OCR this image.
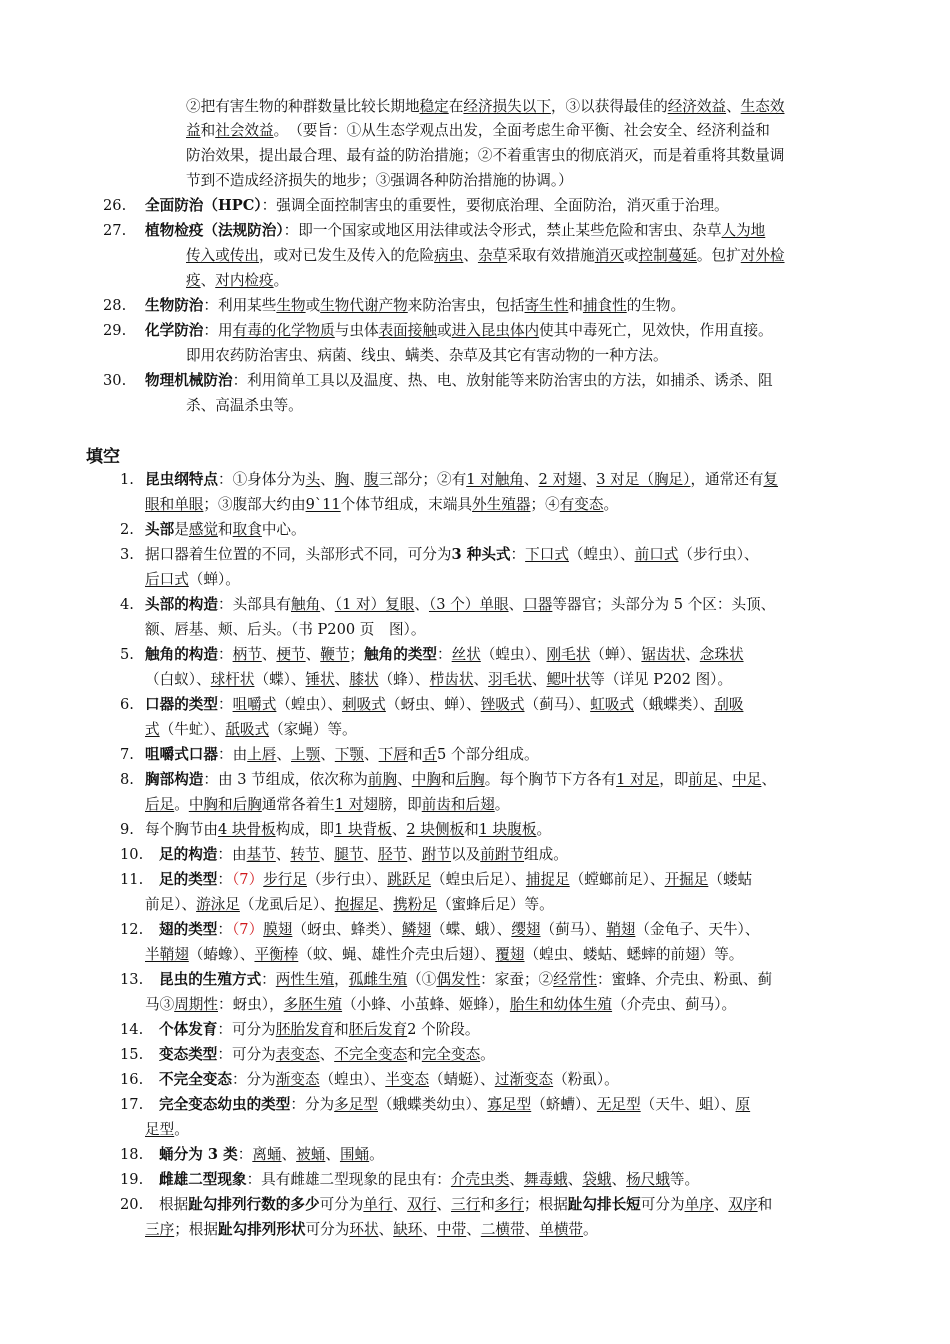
填空
②把有害生物的种群数量比较长期地稳定在经济损失以下，③以获得最佳的经济效益、生态效
益和社会效益。　（要旨：①从生态学观点出发，全面考虑生命平衡、社会安全、经济利益和
防治效果，提出最合理、最有益的防治措施；②不着重害虫的彻底消灭，而是着重将其数量调
节到不造成经济损失的地步；③强调各种防治措施的协调。）
26. 全面防治（HPC）：强调全面控制害虫的重要性，要彻底治理、全面防治，消灭重于治理。
27. 植物检疫（法规防治）：即一个国家或地区用法律或法令形式，禁止某些危险和害虫、杂草人为地
传入或传出，或对已发生及传入的危险病虫、杂草采取有效措施消灭或控制蔓延。包扩对外检
疫、对内检疫。
28. 生物防治：利用某些生物或生物代谢产物来防治害虫，包括寄生性和捕食性的生物。
29. 化学防治：用有毒的化学物质与虫体表面接触或进入昆虫体内使其中毒死亡，见效快，作用直接。
即用农药防治害虫、病菌、线虫、螨类、杂草及其它有害动物的一种方法。
30. 物理机械防治：利用简单工具以及温度、热、电、放射能等来防治害虫的方法，如捕杀、诱杀、阻
杀、高温杀虫等。
1. 昆虫纲特点：①身体分为头、胸、腹三部分；②有1 对触角、2 对翅、3 对足（胸足），通常还有复
眼和单眼；③腹部大约由9`11个体节组成，末端具外生殖器；④有变态。
2. 头部是感觉和取食中心。
3. 据口器着生位置的不同，头部形式不同，可分为3 种头式：下口式（蝗虫）、前口式（步行虫）、
后口式（蝉）。
4. 头部的构造：头部具有触角、（1 对）复眼、（3 个）单眼、口器等器官；头部分为 5 个区：头顶、
额、唇基、颊、后头。（书 P200 页　图）。
5. 触角的构造：柄节、梗节、鞭节；触角的类型：丝状（蝗虫）、刚毛状（蝉）、锯齿状、念珠状
（白蚁）、球杆状（蝶）、锤状、膝状（蜂）、栉齿状、羽毛状、鳃叶状等（详见 P202 图）。
6. 口器的类型：咀嚼式（蝗虫）、刺吸式（蚜虫、蝉）、锉吸式（蓟马）、虹吸式（蛾蝶类）、刮吸
式（牛虻）、舐吸式（家蝇）等。
7. 咀嚼式口器：由上唇、上颚、下颚、下唇和舌5 个部分组成。
8. 胸部构造：由 3 节组成，依次称为前胸、中胸和后胸。每个胸节下方各有1 对足，即前足、中足、
后足。中胸和后胸通常各着生1 对翅膀，即前齿和后翅。
9. 每个胸节由4 块骨板构成，即1 块背板、2 块侧板和1 块腹板。
10. 足的构造：由基节、转节、腿节、胫节、跗节以及前跗节组成。
11. 足的类型：（7）步行足（步行虫）、跳跃足（蝗虫后足）、捕捉足（螳螂前足）、开掘足（蝼蛄
前足）、游泳足（龙虱后足）、抱握足、携粉足（蜜蜂后足）等。
12. 翅的类型：（7）膜翅（蚜虫、蜂类）、鳞翅（蝶、蛾）、缨翅（蓟马）、鞘翅（金龟子、天牛）、
半鞘翅（蝽蟓）、平衡棒（蚊、蝇、雄性介壳虫后翅）、覆翅（蝗虫、蝼蛄、蟋蟀的前翅）等。
13. 昆虫的生殖方式：两性生殖，孤雌生殖（①偶发性：家蚕；②经常性：蜜蜂、介壳虫、粉虱、蓟
马③周期性：蚜虫），多胚生殖（小蜂、小茧蜂、姬蜂），胎生和幼体生殖（介壳虫、蓟马）。
14. 个体发育：可分为胚胎发育和胚后发育2 个阶段。
15. 变态类型：可分为表变态、不完全变态和完全变态。
16. 不完全变态：分为渐变态（蝗虫）、半变态（蜻蜓）、过渐变态（粉虱）。
17. 完全变态幼虫的类型：分为多足型（蛾蝶类幼虫）、寡足型（蛴螬）、无足型（天牛、蛆）、原
足型。
18. 蛹分为 3 类：离蛹、被蛹、围蛹。
19. 雌雄二型现象：具有雌雄二型现象的昆虫有：介壳虫类、舞毒蛾、袋蛾、杨尺蛾等。
20. 根据趾勾排列行数的多少可分为单行、双行、三行和多行；根据趾勾排长短可分为单序、双序和
三序；根据趾勾排列形状可分为环状、缺环、中带、二横带、单横带。
